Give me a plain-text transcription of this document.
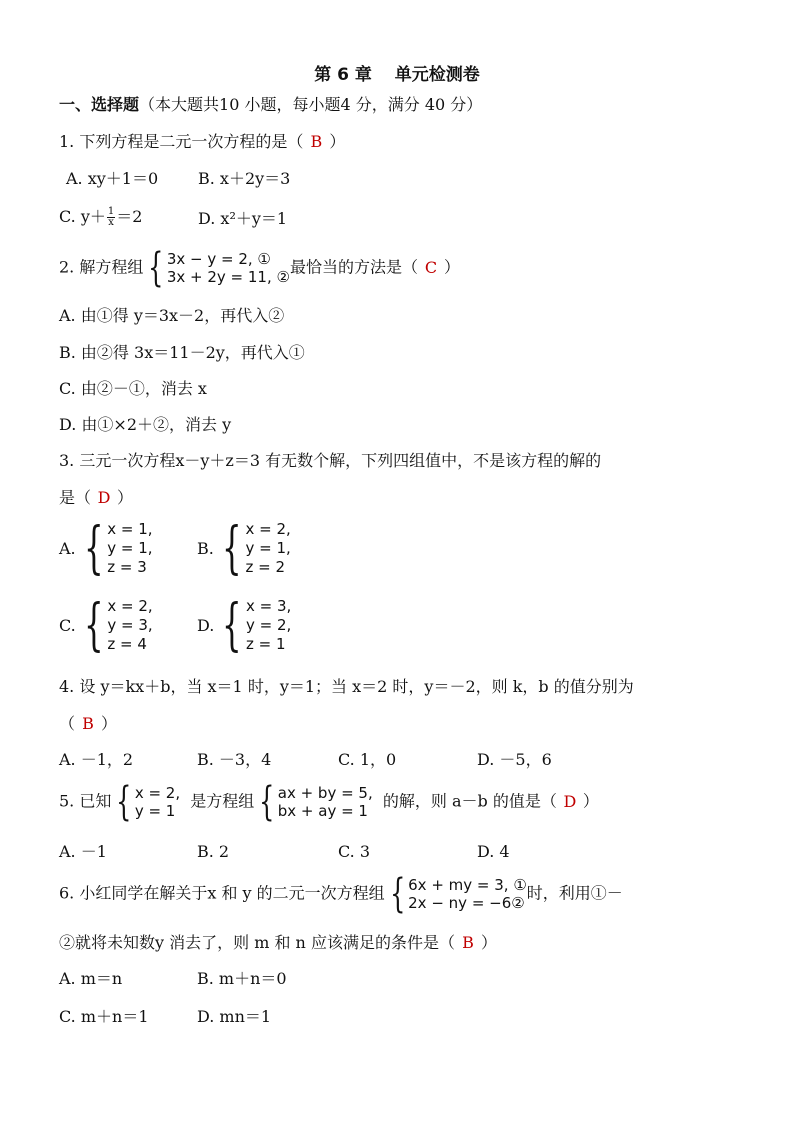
第 6 章　 单元检测卷
一、选择题（本大题共10 小题，每小题4 分，满分 40 分）
1. 下列方程是二元一次方程的是（ B ）
A. xy＋1＝0 B. x＋2y＝3
C. $y+ \frac{1}{x} =2$	D. x²＋y＝1
2. 解方程组 { 3x − y = 2, ①
3x + 2y = 11, ②
最恰当的方法是（ C ）
A. 由①得 y＝3x－2，再代入②
B. 由②得 3x＝11－2y，再代入①
C. 由②－①，消去 x
D. 由①×2＋②，消去 y
3. 三元一次方程x－y＋z＝3 有无数个解，下列四组值中，不是该方程的解的
是（ D ）
A. { x = 1,
y = 1,
z = 3
B. { x = 2,
y = 1,
z = 2
C. { x = 2,
y = 3,
z = 4
D. { x = 3,
y = 2,
z = 1
4. 设 y＝kx＋b，当 x＝1 时，y＝1；当 x＝2 时，y＝－2，则 k，b 的值分别为
（ B ）
A. －1，2	B. －3，4	C. 1，0	D. －5，6
5. 已知 { x = 2,
y = 1
是方程组 { ax + by = 5,
bx + ay = 1
的解，则 a－b 的值是（ D ）
A. －1	B. 2	C. 3	D. 4
6. 小红同学在解关于x 和 y 的二元一次方程组 { 6x + my = 3, ①
2x − ny = −6②
时，利用①－
②就将未知数y 消去了，则 m 和 n 应该满足的条件是（ B ）
A. m＝n	B. m＋n＝0
C. m＋n＝1	D. mn＝1
